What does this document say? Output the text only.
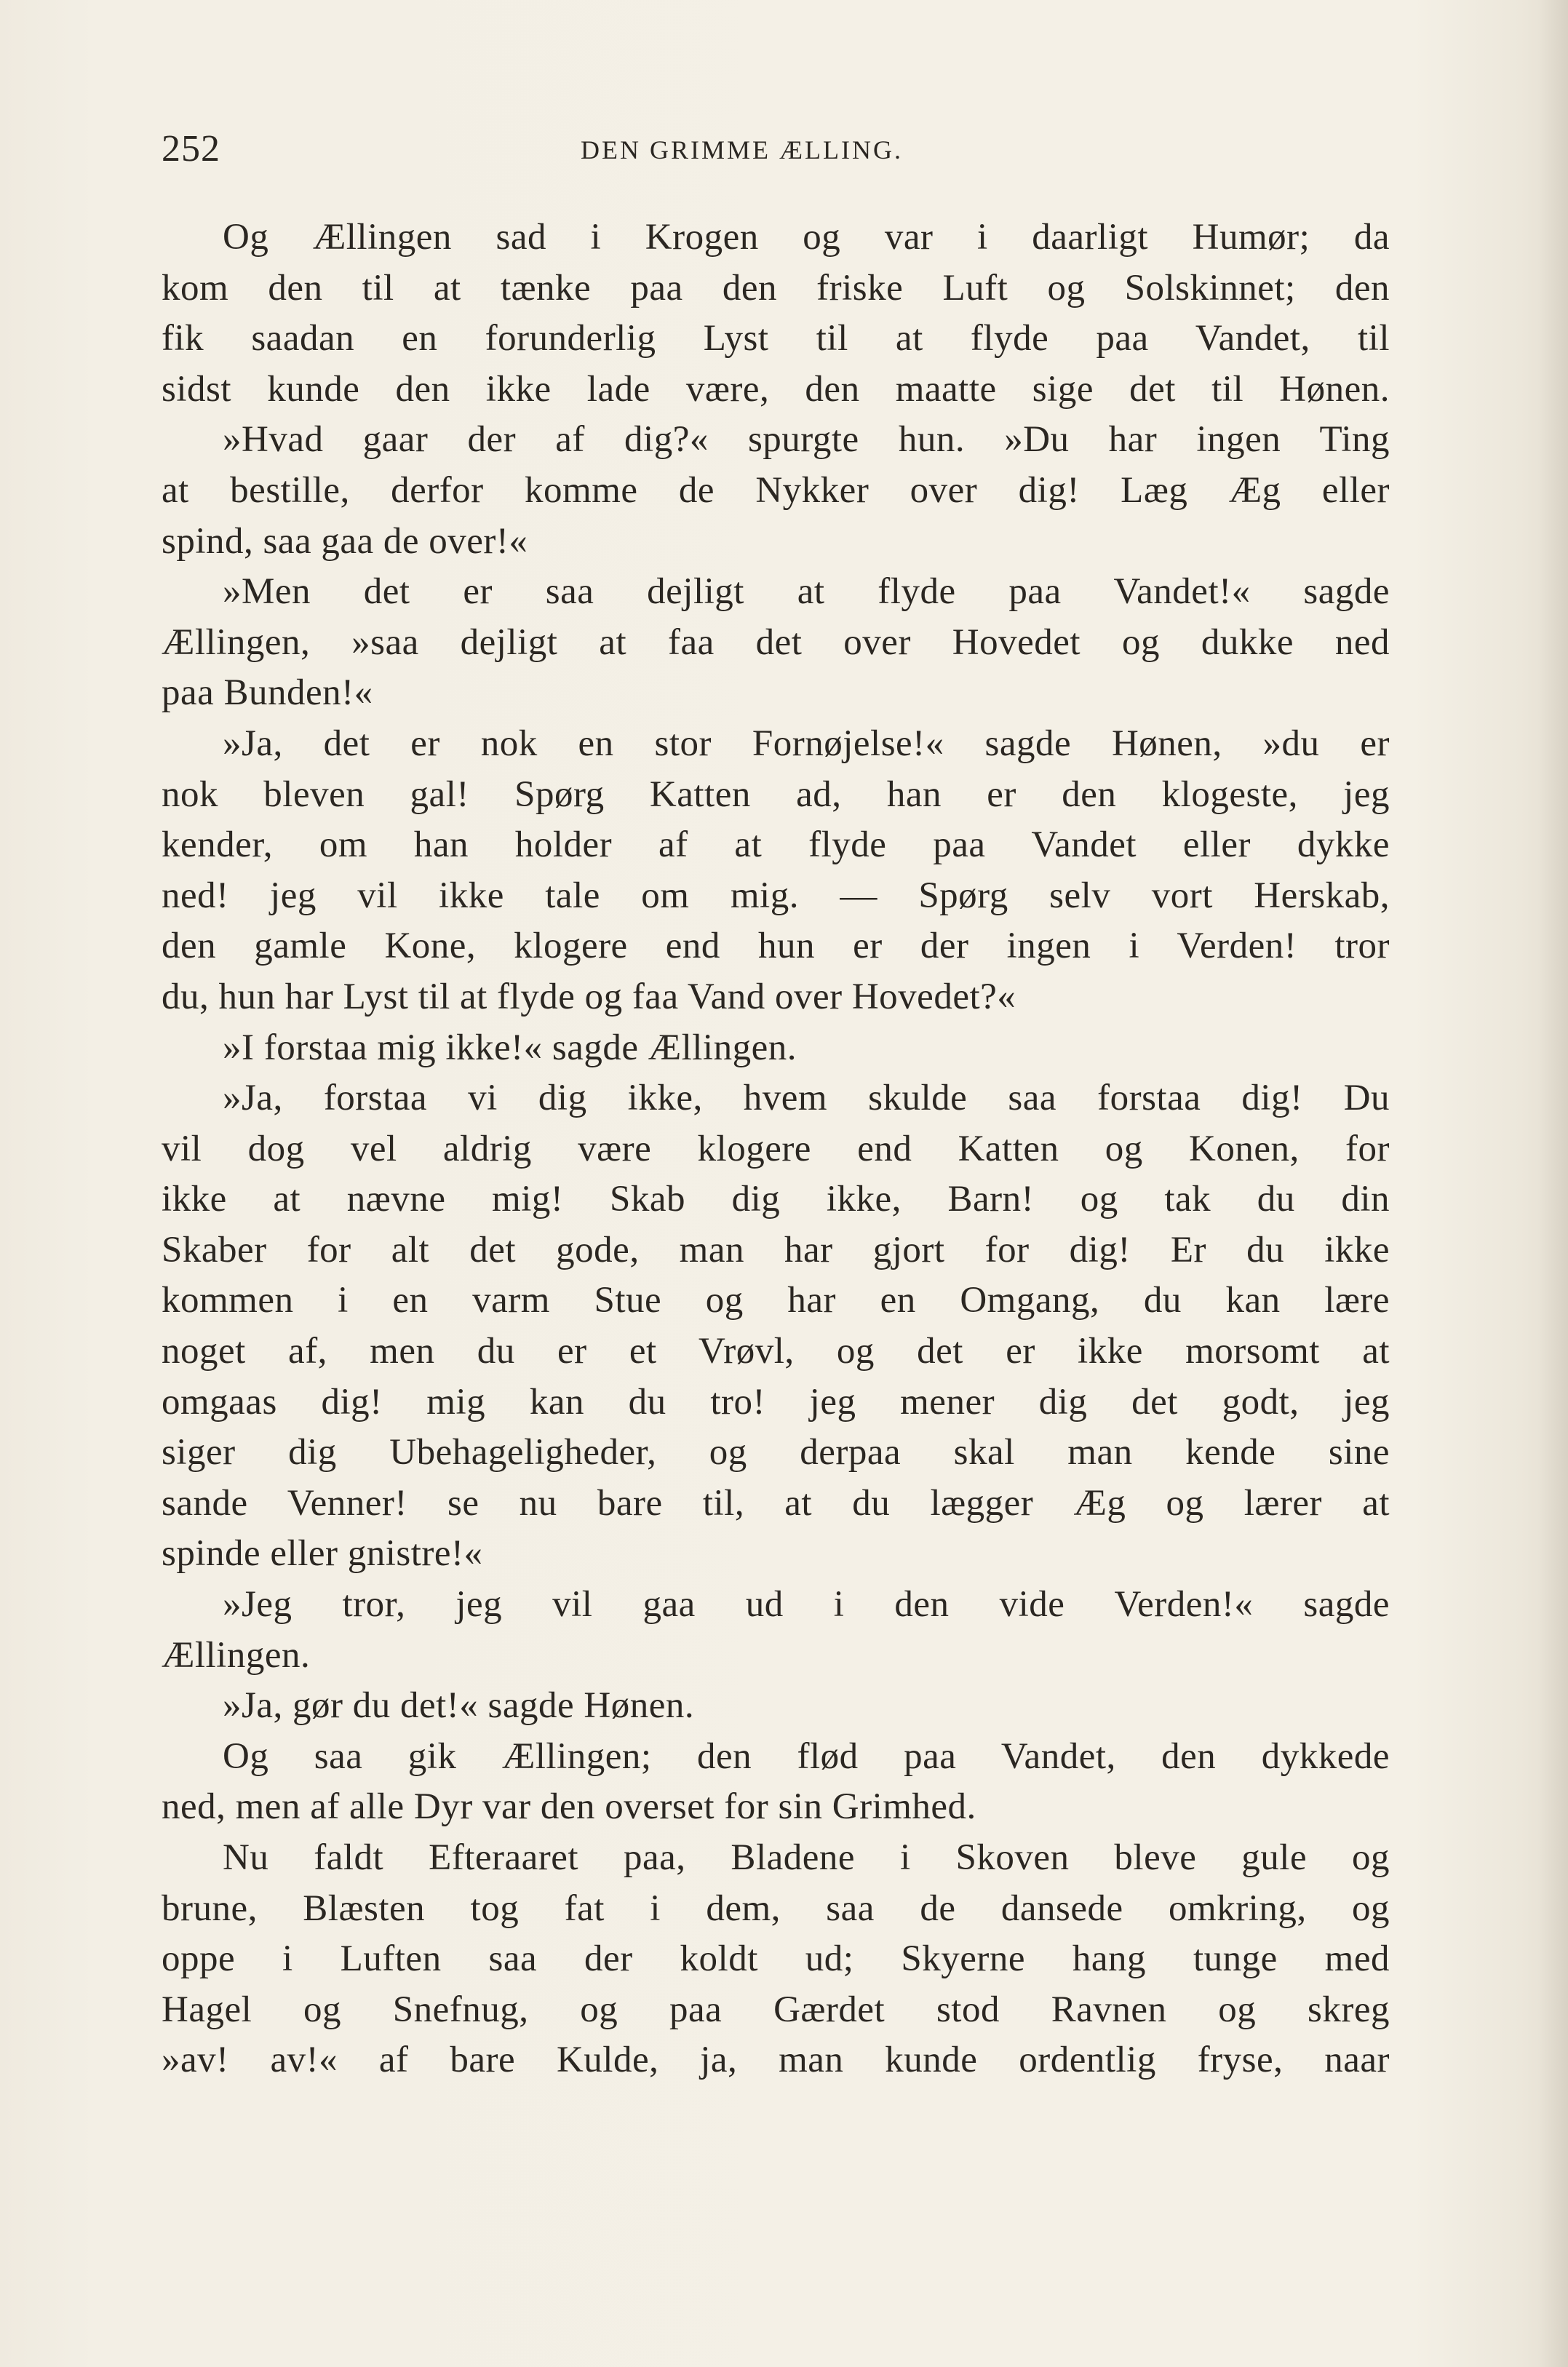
252	DEN GRIMME ÆLLING.
Og Ællingen sad i Krogen og var i daarligt Humør; da
kom den til at tænke paa den friske Luft og Solskinnet; den
fik saadan en forunderlig Lyst til at flyde paa Vandet, til
sidst kunde den ikke lade være, den maatte sige det til Hønen.
»Hvad gaar der af dig?« spurgte hun. »Du har ingen Ting
at bestille, derfor komme de Nykker over dig! Læg Æg eller
spind, saa gaa de over!«
»Men det er saa dejligt at flyde paa Vandet!« sagde
Ællingen, »saa dejligt at faa det over Hovedet og dukke ned
paa Bunden!«
»Ja, det er nok en stor Fornøjelse!« sagde Hønen, »du er
nok bleven gal! Spørg Katten ad, han er den klogeste, jeg
kender, om han holder af at flyde paa Vandet eller dykke
ned! jeg vil ikke tale om mig. — Spørg selv vort Herskab,
den gamle Kone, klogere end hun er der ingen i Verden! tror
du, hun har Lyst til at flyde og faa Vand over Hovedet?«
»I forstaa mig ikke!« sagde Ællingen.
»Ja, forstaa vi dig ikke, hvem skulde saa forstaa dig! Du
vil dog vel aldrig være klogere end Katten og Konen, for
ikke at nævne mig! Skab dig ikke, Barn! og tak du din
Skaber for alt det gode, man har gjort for dig! Er du ikke
kommen i en varm Stue og har en Omgang, du kan lære
noget af, men du er et Vrøvl, og det er ikke morsomt at
omgaas dig! mig kan du tro! jeg mener dig det godt, jeg
siger dig Ubehageligheder, og derpaa skal man kende sine
sande Venner! se nu bare til, at du lægger Æg og lærer at
spinde eller gnistre!«
»Jeg tror, jeg vil gaa ud i den vide Verden!« sagde
Ællingen.
»Ja, gør du det!« sagde Hønen.
Og saa gik Ællingen; den flød paa Vandet, den dykkede
ned, men af alle Dyr var den overset for sin Grimhed.
Nu faldt Efteraaret paa, Bladene i Skoven bleve gule og
brune, Blæsten tog fat i dem, saa de dansede omkring, og
oppe i Luften saa der koldt ud; Skyerne hang tunge med
Hagel og Snefnug, og paa Gærdet stod Ravnen og skreg
»av! av!« af bare Kulde, ja, man kunde ordentlig fryse, naar
